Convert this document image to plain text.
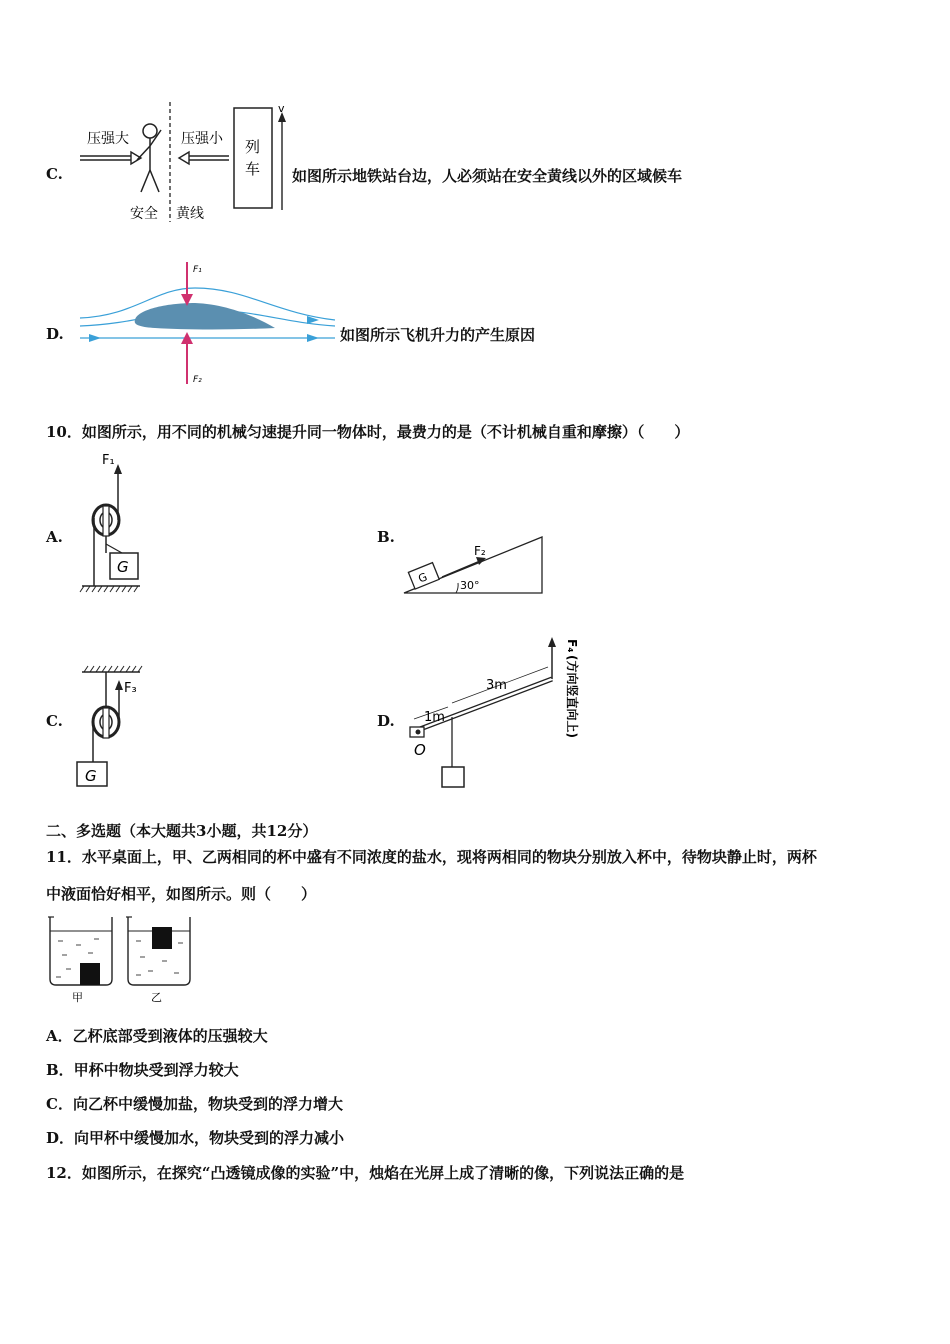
C.
压强大	压强小 列
车
v
安全 黄线
如图所示地铁站台边，人必须站在安全黄线以外的区域候车
D.
F₁
F₂
如图所示飞机升力的产生原因
10．如图所示，用不同的机械匀速提升同一物体时，最费力的是（不计机械自重和摩擦）（　　）
A.
F₁
G
B.
G
F₂
30°
C.
F₃
G
D.
O
1m
3m
F₄
(方向竖直向上)
二、多选题（本大题共3小题，共12分）
11．水平桌面上，甲、乙两相同的杯中盛有不同浓度的盐水，现将两相同的物块分别放入杯中，待物块静止时，两杯
中液面恰好相平，如图所示。则（　　）
甲	乙
A．乙杯底部受到液体的压强较大
B．甲杯中物块受到浮力较大
C．向乙杯中缓慢加盐，物块受到的浮力增大
D．向甲杯中缓慢加水，物块受到的浮力减小
12．如图所示，在探究“凸透镜成像的实验”中，烛焰在光屏上成了清晰的像，下列说法正确的是
